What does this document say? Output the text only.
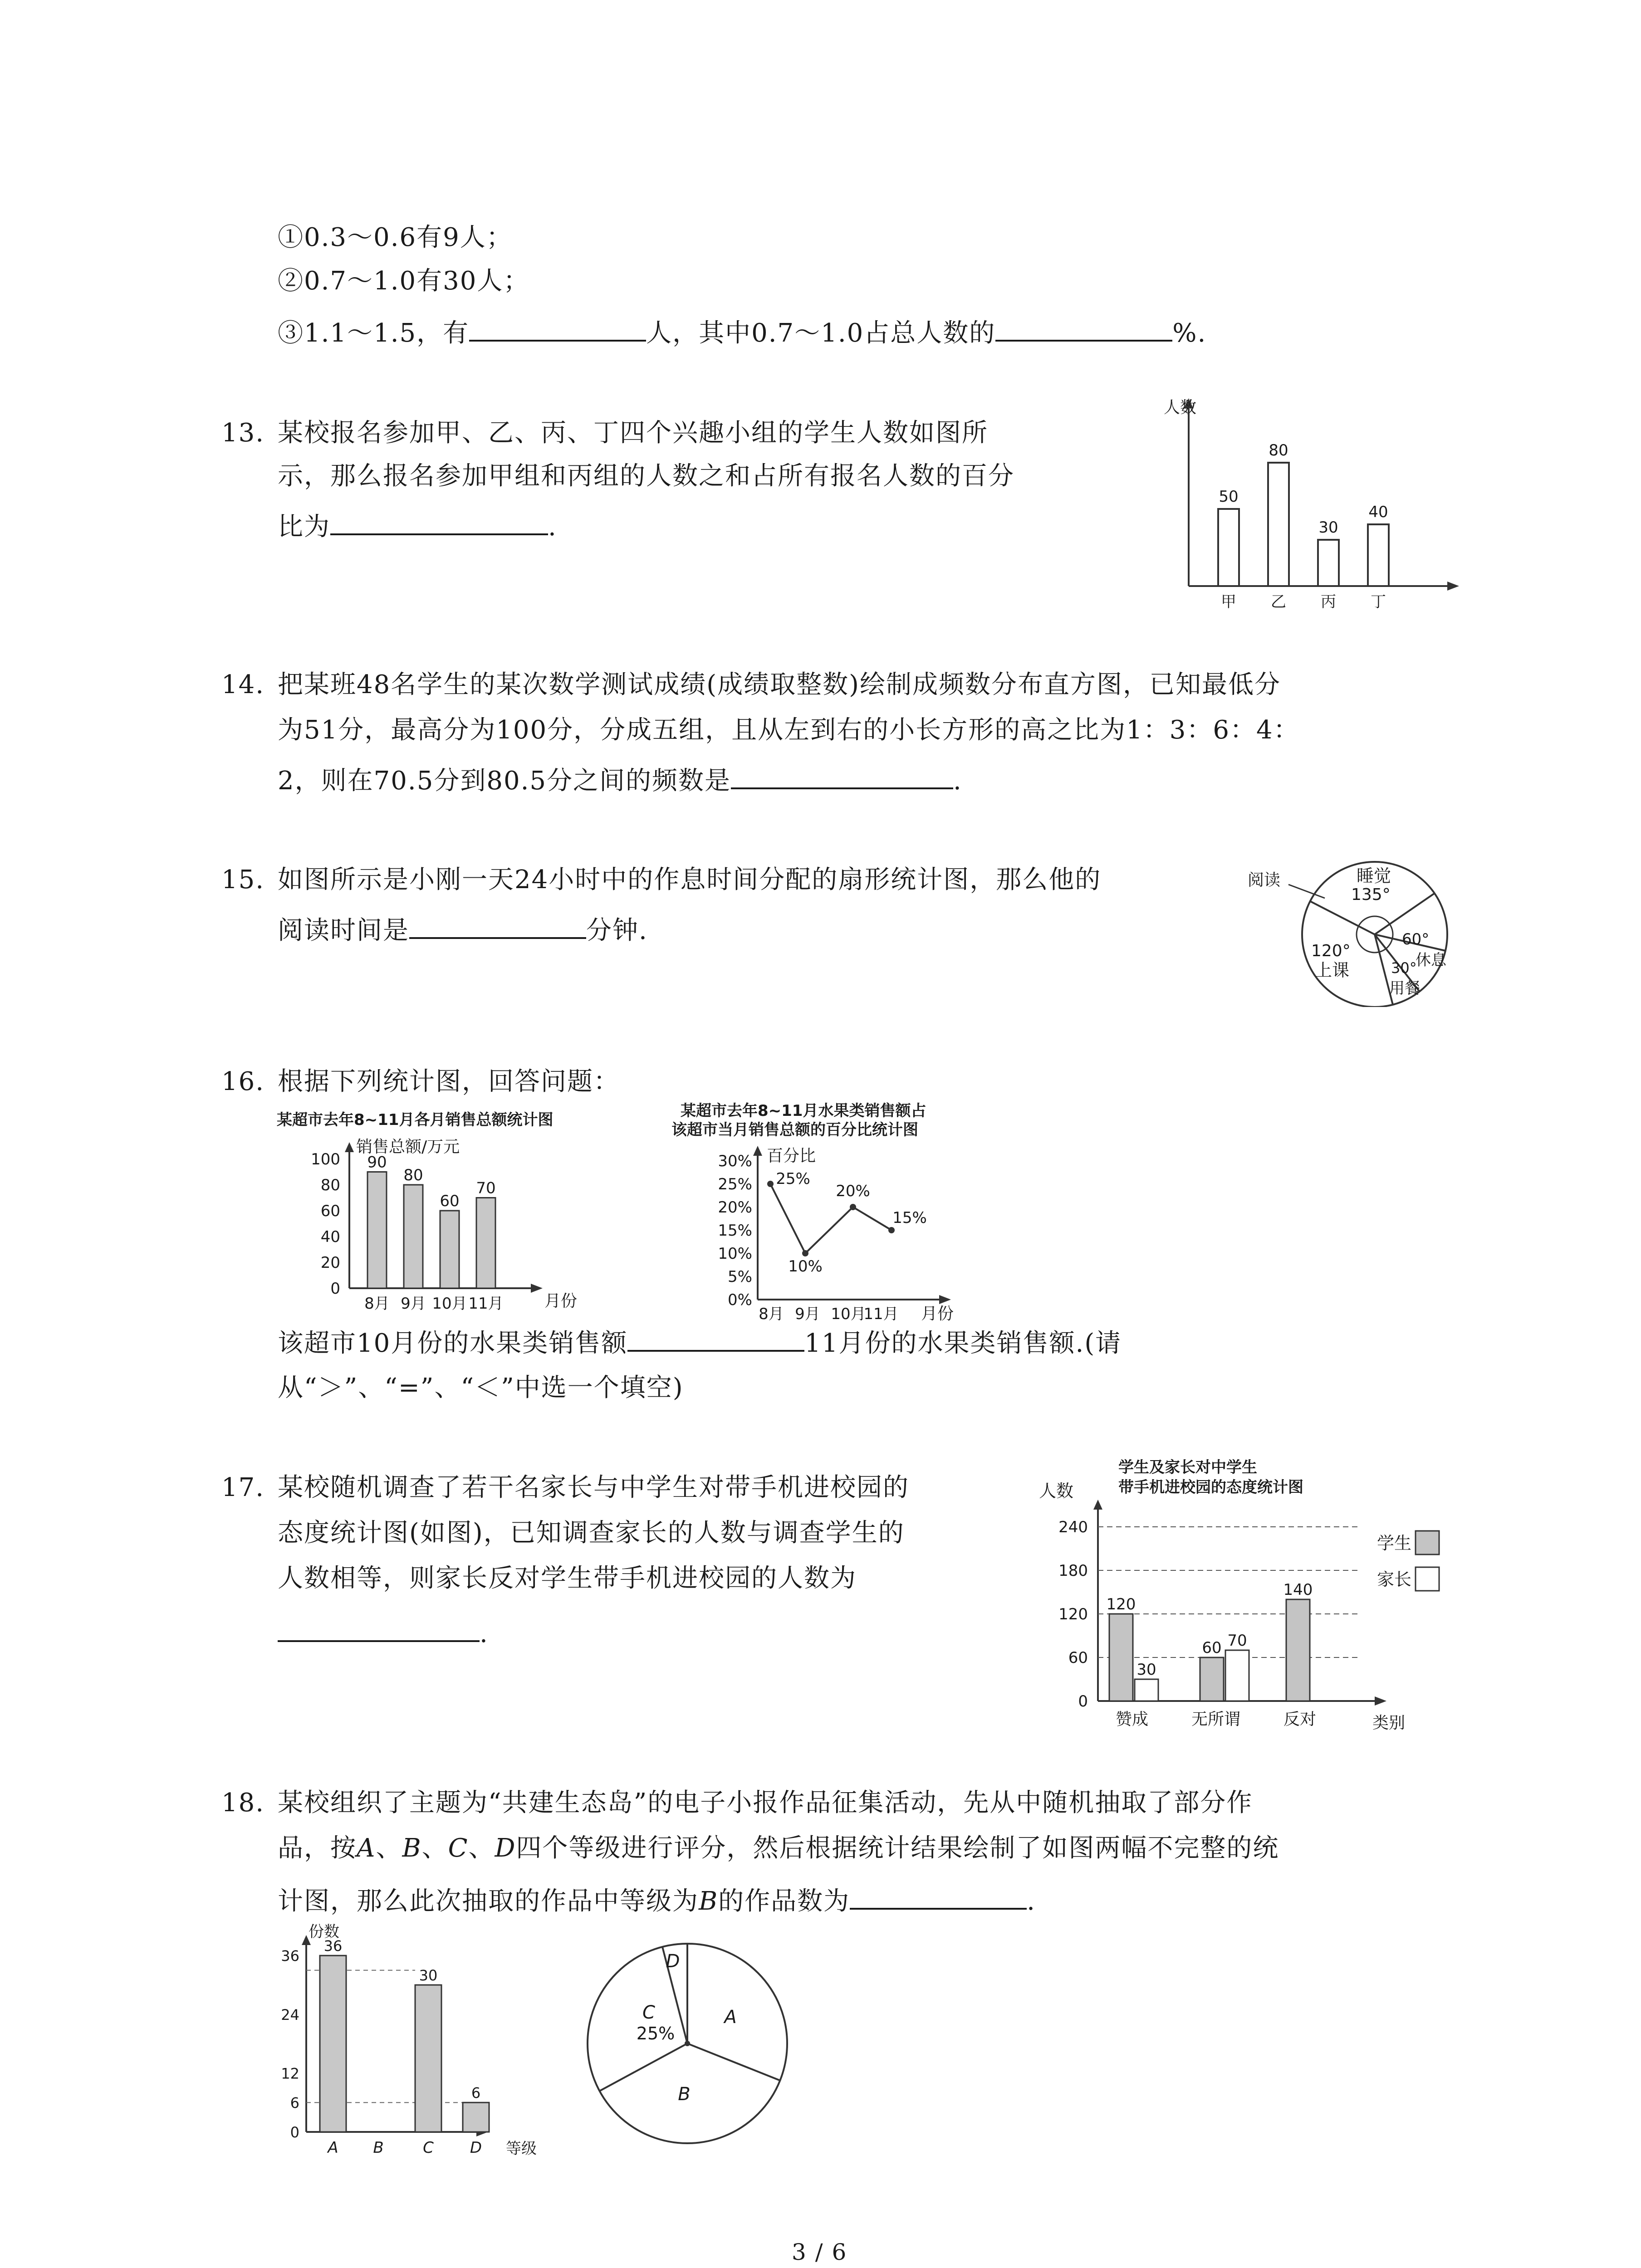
①0.3～0.6有9人；
②0.7～1.0有30人；
③1.1～1.5，有	人，其中0.7～1.0占总人数的	%.
13. 某校报名参加甲、乙、丙、丁四个兴趣小组的学生人数如图所
示，那么报名参加甲组和丙组的人数之和占所有报名人数的百分
比为	.
人数
50
甲
80
乙
30
丙
40
丁
14. 把某班48名学生的某次数学测试成绩(成绩取整数)绘制成频数分布直方图，已知最低分
为51分，最高分为100分，分成五组，且从左到右的小长方形的高之比为1：3：6：4：
2，则在70.5分到80.5分之间的频数是	.
15. 如图所示是小刚一天24小时中的作息时间分配的扇形统计图，那么他的
阅读时间是	分钟.
阅读	睡觉
135°
120°
上课
60°
休息
30°
用餐
16. 根据下列统计图，回答问题：
某超市去年8~11月各月销售总额统计图
销售总额/万元
月份
100
80
60
40
20
0
90
8月
80
9月
60
10月
70
11月
某超市去年8~11月水果类销售额占
该超市当月销售总额的百分比统计图
百分比
月份
30%
25%
20%
15%
10%
5%
0%
25%
10%
20%
15%
8月 9月 10月
11月
该超市10月份的水果类销售额	11月份的水果类销售额.(请
从“＞”、“=”、“＜”中选一个填空)
17. 某校随机调查了若干名家长与中学生对带手机进校园的
态度统计图(如图)，已知调查家长的人数与调查学生的
人数相等，则家长反对学生带手机进校园的人数为
.
学生及家长对中学生
带手机进校园的态度统计图
人数
类别
学生
家长
240
180
120
60
0
120
60
140
30
70
赞成	无所谓	反对
18. 某校组织了主题为“共建生态岛”的电子小报作品征集活动，先从中随机抽取了部分作
品，按A、B、C、D四个等级进行评分，然后根据统计结果绘制了如图两幅不完整的统
计图，那么此次抽取的作品中等级为B的作品数为	.
份数
等级
36
24
12
6
0
36
A B
30
C
6
D
A
B
C
D
25%
3 / 6
